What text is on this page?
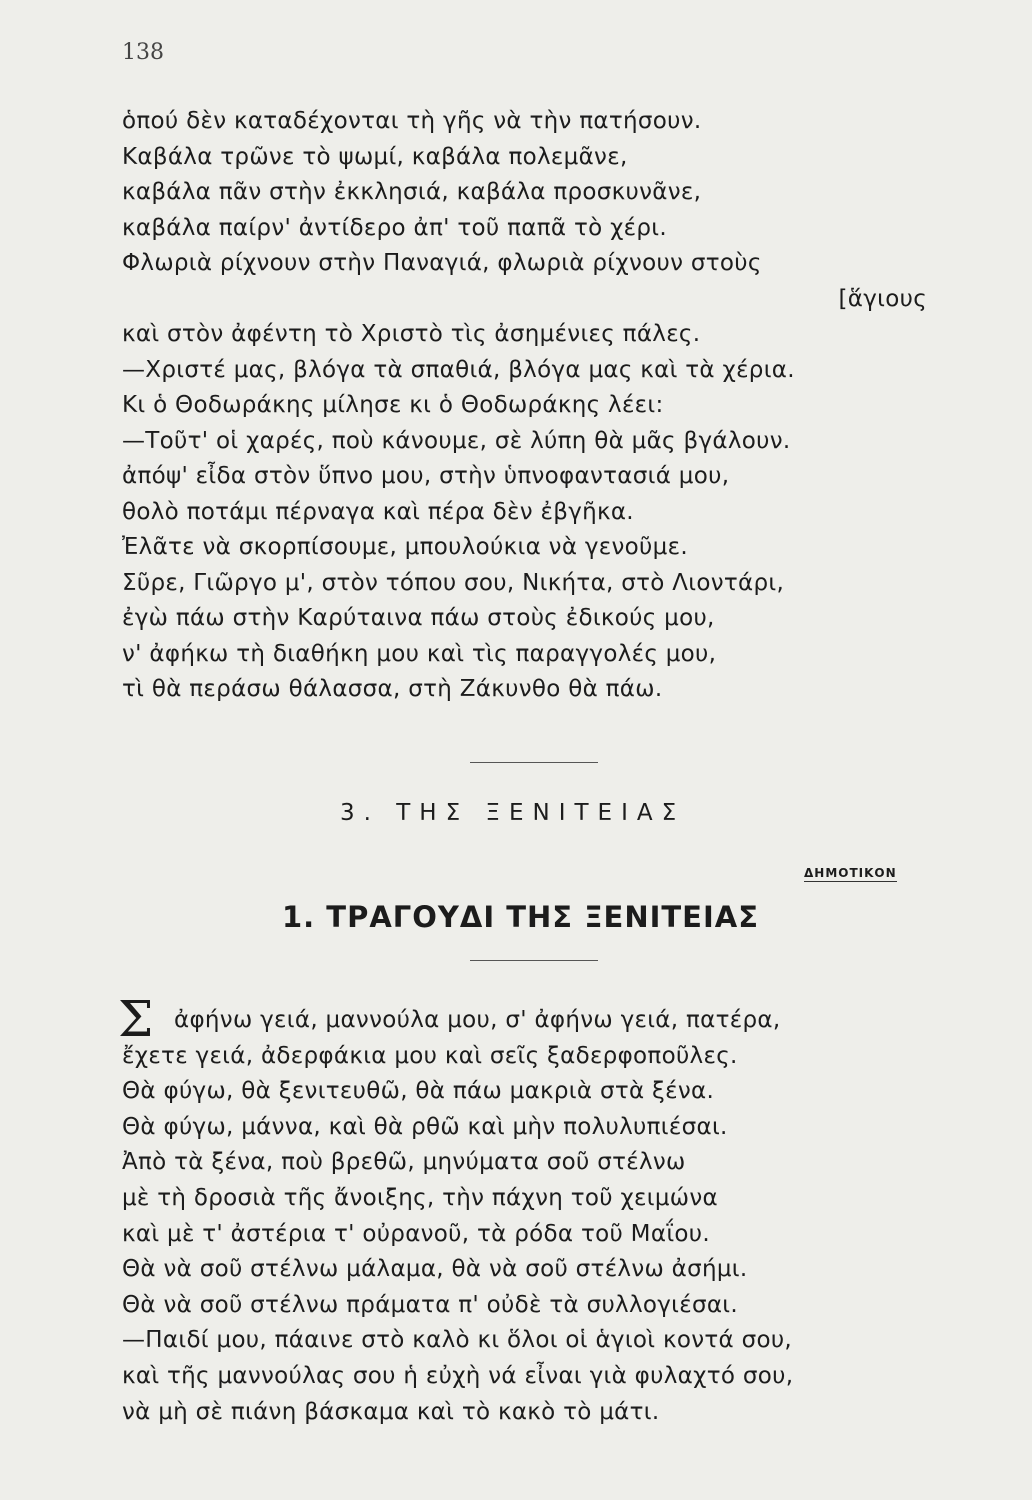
138
ὁπού δὲν καταδέχονται τὴ γῆς νὰ τὴν πατήσουν.
Καβάλα τρῶνε τὸ ψωμί, καβάλα πολεμᾶνε,
καβάλα πᾶν στὴν ἐκκλησιά, καβάλα προσκυνᾶνε,
καβάλα παίρν' ἀντίδερο ἀπ' τοῦ παπᾶ τὸ χέρι.
Φλωριὰ ρίχνουν στὴν Παναγιά, φλωριὰ ρίχνουν στοὺς
[ἅγιους
καὶ στὸν ἀφέντη τὸ Χριστὸ τὶς ἀσημένιες πάλες.
—Χριστέ μας, βλόγα τὰ σπαθιά, βλόγα μας καὶ τὰ χέρια.
Κι ὁ Θοδωράκης μίλησε κι ὁ Θοδωράκης λέει:
—Τοῦτ' οἱ χαρές, ποὺ κάνουμε, σὲ λύπη θὰ μᾶς βγάλουν.
ἀπόψ' εἶδα στὸν ὕπνο μου, στὴν ὑπνοφαντασιά μου,
θολὸ ποτάμι πέρναγα καὶ πέρα δὲν ἐβγῆκα.
Ἐλᾶτε νὰ σκορπίσουμε, μπουλούκια νὰ γενοῦμε.
Σῦρε, Γιῶργο μ', στὸν τόπου σου, Νικήτα, στὸ Λιοντάρι,
ἐγὼ πάω στὴν Καρύταινα πάω στοὺς ἐδικούς μου,
ν' ἀφήκω τὴ διαθήκη μου καὶ τὶς παραγγολές μου,
τὶ θὰ περάσω θάλασσα, στὴ Ζάκυνθο θὰ πάω.
3. ΤΗΣ ΞΕΝΙΤΕΙΑΣ
ΔΗΜΟΤΙΚΟΝ
1. ΤΡΑΓΟΥΔΙ ΤΗΣ ΞΕΝΙΤΕΙΑΣ
Σ ἀφήνω γειά, μαννούλα μου, σ' ἀφήνω γειά, πατέρα,
ἔχετε γειά, ἀδερφάκια μου καὶ σεῖς ξαδερφοποῦλες.
Θὰ φύγω, θὰ ξενιτευθῶ, θὰ πάω μακριὰ στὰ ξένα.
Θὰ φύγω, μάννα, καὶ θὰ ρθῶ καὶ μὴν πολυλυπιέσαι.
Ἀπὸ τὰ ξένα, ποὺ βρεθῶ, μηνύματα σοῦ στέλνω
μὲ τὴ δροσιὰ τῆς ἄνοιξης, τὴν πάχνη τοῦ χειμώνα
καὶ μὲ τ' ἀστέρια τ' οὐρανοῦ, τὰ ρόδα τοῦ Μαΐου.
Θὰ νὰ σοῦ στέλνω μάλαμα, θὰ νὰ σοῦ στέλνω ἀσήμι.
Θὰ νὰ σοῦ στέλνω πράματα π' οὐδὲ τὰ συλλογιέσαι.
—Παιδί μου, πάαινε στὸ καλὸ κι ὅλοι οἱ ἁγιοὶ κοντά σου,
καὶ τῆς μαννούλας σου ἡ εὐχὴ νά εἶναι γιὰ φυλαχτό σου,
νὰ μὴ σὲ πιάνη βάσκαμα καὶ τὸ κακὸ τὸ μάτι.
